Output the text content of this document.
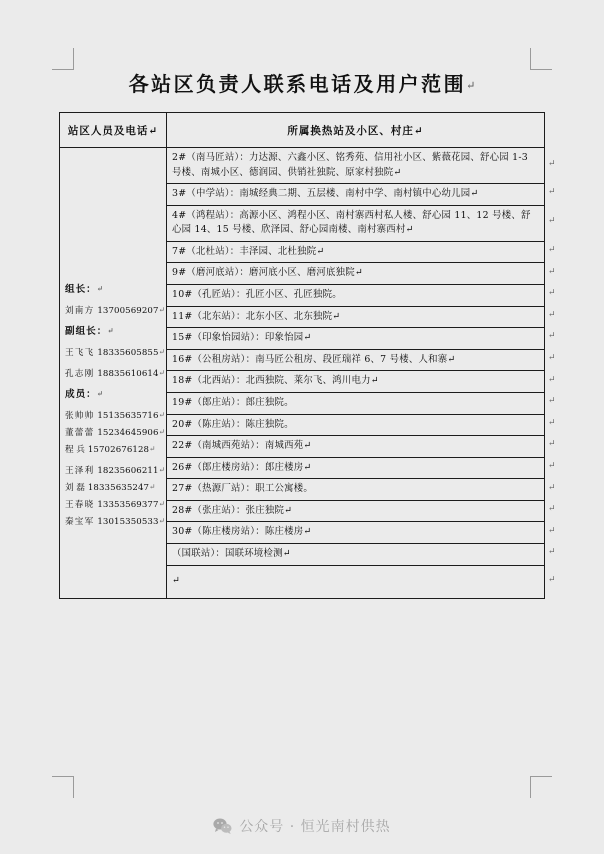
各站区负责人联系电话及用户范围↵
站区人员及电话↵	所属换热站及小区、村庄↵

组长：↵
刘南方 13700569207↵
副组长：↵
王飞飞 18335605855↵
孔志刚 18835610614↵
成员：↵
张帅帅 15135635716↵
董蕾蕾 15234645906↵
程 兵 15702676128↵
王泽利 18235606211↵
刘 磊 18335635247↵
王春晓 13353569377↵
秦宝军 13015350533↵
	2#（南马匠站）：力达源、六鑫小区、铭秀苑、信用社小区、紫薇花园、舒心园 1-3 号楼、南城小区、德润园、供销社独院、原家村独院↵
	3#（中学站）：南城经典二期、五层楼、南村中学、南村镇中心幼儿园↵
	4#（鸿程站）：高源小区、鸿程小区、南村寨西村私人楼、舒心园 11、12 号楼、舒心园 14、15 号楼、欣泽园、舒心园南楼、南村寨西村↵
	7#（北杜站）：丰泽园、北杜独院↵
	9#（磨河底站）：磨河底小区、磨河底独院↵
	10#（孔匠站）：孔匠小区、孔匠独院。
	11#（北东站）：北东小区、北东独院↵
	15#（印象怡园站）：印象怡园↵
	16#（公租房站）：南马匠公租房、段匠瑞祥 6、7 号楼、人和寨↵
	18#（北西站）：北西独院、莱尔飞、鸿川电力↵
	19#（郎庄站）：郎庄独院。
	20#（陈庄站）：陈庄独院。
	22#（南城西苑站）：南城西苑↵
	26#（郎庄楼房站）：郎庄楼房↵
	27#（热源厂站）：职工公寓楼。
	28#（张庄站）：张庄独院↵
	30#（陈庄楼房站）：陈庄楼房↵
	（国联站）：国联环境检测↵
	↵
公众号 · 恒光南村供热
↵
↵
↵
↵
↵
↵
↵
↵
↵
↵
↵
↵
↵
↵
↵
↵
↵
↵
↵
